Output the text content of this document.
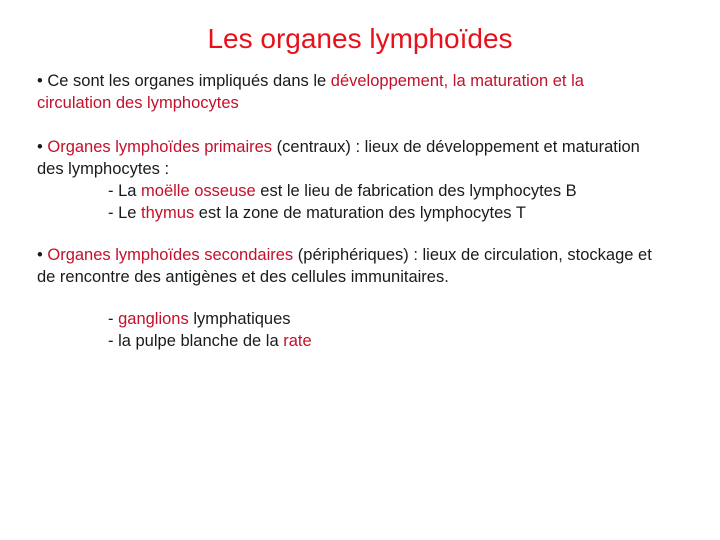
Les organes lymphoïdes
• Ce sont les organes impliqués dans le développement, la maturation et la
circulation des lymphocytes
• Organes lymphoïdes primaires (centraux) : lieux de développement et maturation
des lymphocytes :
- La moëlle osseuse est le lieu de fabrication des lymphocytes B
- Le thymus est la zone de maturation des lymphocytes T
• Organes lymphoïdes secondaires (périphériques) : lieux de circulation, stockage et
de rencontre des antigènes et des cellules immunitaires.
- ganglions lymphatiques
- la pulpe blanche de la rate
